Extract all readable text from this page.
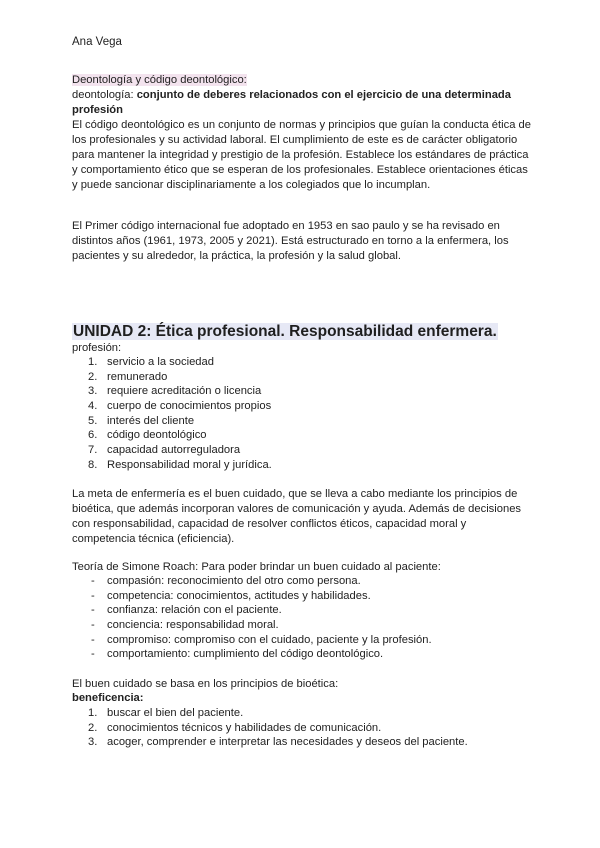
Ana Vega
Deontología y código deontológico:
deontología: conjunto de deberes relacionados con el ejercicio de una determinada profesión
El código deontológico es un conjunto de normas y principios que guían la conducta ética de los profesionales y su actividad laboral. El cumplimiento de este es de carácter obligatorio para mantener la integridad y prestigio de la profesión. Establece los estándares de práctica y comportamiento ético que se esperan de los profesionales. Establece orientaciones éticas y puede sancionar disciplinariamente a los colegiados que lo incumplan.
El Primer código internacional fue adoptado en 1953 en sao paulo y se ha revisado en distintos años (1961, 1973, 2005 y 2021). Está estructurado en torno a la enfermera, los pacientes y su alrededor, la práctica, la profesión y la salud global.
UNIDAD 2: Ética profesional. Responsabilidad enfermera.
profesión:
1. servicio a la sociedad
2. remunerado
3. requiere acreditación o licencia
4. cuerpo de conocimientos propios
5. interés del cliente
6. código deontológico
7. capacidad autorreguladora
8. Responsabilidad moral y jurídica.
La meta de enfermería es el buen cuidado, que se lleva a cabo mediante los principios de bioética, que además incorporan valores de comunicación y ayuda. Además de decisiones con responsabilidad, capacidad de resolver conflictos éticos, capacidad moral y competencia técnica (eficiencia).
Teoría de Simone Roach: Para poder brindar un buen cuidado al paciente:
- compasión: reconocimiento del otro como persona.
- competencia: conocimientos, actitudes y habilidades.
- confianza: relación con el paciente.
- conciencia: responsabilidad moral.
- compromiso: compromiso con el cuidado, paciente y la profesión.
- comportamiento: cumplimiento del código deontológico.
El buen cuidado se basa en los principios de bioética:
beneficencia:
1. buscar el bien del paciente.
2. conocimientos técnicos y habilidades de comunicación.
3. acoger, comprender e interpretar las necesidades y deseos del paciente.
